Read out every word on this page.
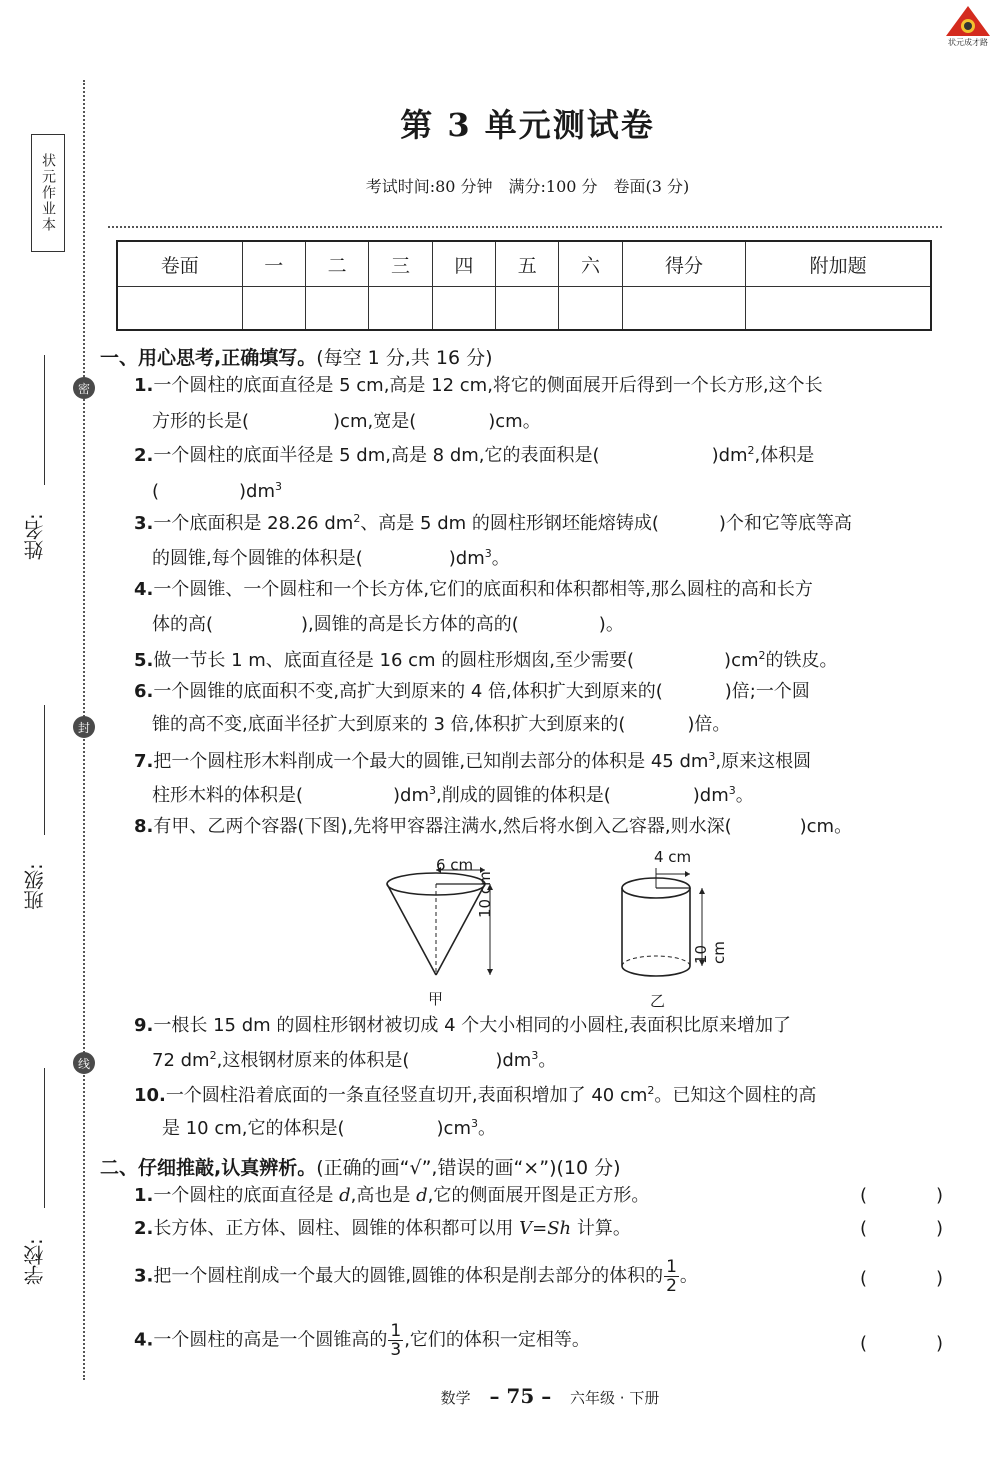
状元成才路
状元作业本
密
封
线
姓名:
班级:
学校:
第 3 单元测试卷
考试时间:80 分钟　满分:100 分　卷面(3 分)
卷面	一	二	三	四	五	六	得分	附加题

一、用心思考,正确填写。(每空 1 分,共 16 分)
1.一个圆柱的底面直径是 5 cm,高是 12 cm,将它的侧面展开后得到一个长方形,这个长
方形的长是(	)cm,宽是(	)cm。
2.一个圆柱的底面半径是 5 dm,高是 8 dm,它的表面积是(	)$dm^2$,体积是
(	)$dm^3$
3.一个底面积是 28.26 $dm^2$、高是 5 dm 的圆柱形钢坯能熔铸成(	)个和它等底等高
的圆锥,每个圆锥的体积是(	)$dm^3$。
4.一个圆锥、一个圆柱和一个长方体,它们的底面积和体积都相等,那么圆柱的高和长方
体的高(	),圆锥的高是长方体的高的(	)。
5.做一节长 1 m、底面直径是 16 cm 的圆柱形烟囱,至少需要(	)$cm^2$的铁皮。
6.一个圆锥的底面积不变,高扩大到原来的 4 倍,体积扩大到原来的(	)倍;一个圆
锥的高不变,底面半径扩大到原来的 3 倍,体积扩大到原来的(	)倍。
7.把一个圆柱形木料削成一个最大的圆锥,已知削去部分的体积是 45 $dm^3$,原来这根圆
柱形木料的体积是(	)$dm^3$,削成的圆锥的体积是(	)$dm^3$。
8.有甲、乙两个容器(下图),先将甲容器注满水,然后将水倒入乙容器,则水深(	)cm。
6 cm
10 cm
甲
4 cm
10 cm
乙
9.一根长 15 dm 的圆柱形钢材被切成 4 个大小相同的小圆柱,表面积比原来增加了
72 $dm^2$,这根钢材原来的体积是(	)$dm^3$。
10.一个圆柱沿着底面的一条直径竖直切开,表面积增加了 40 $cm^2$。已知这个圆柱的高
是 10 cm,它的体积是(	)$cm^3$。
二、仔细推敲,认真辨析。(正确的画“√”,错误的画“×”)(10 分)
1.一个圆柱的底面直径是 d,高也是 d,它的侧面展开图是正方形。	(	)
2.长方体、正方体、圆柱、圆锥的体积都可以用 V=Sh 计算。	(	)
3.把一个圆柱削成一个最大的圆锥,圆锥的体积是削去部分的体积的 $\frac{1}{2}$ 。	(	)
4.一个圆柱的高是一个圆锥高的 $\frac{1}{3}$ ,它们的体积一定相等。	(	)
数学 – 75 – 六年级 · 下册
